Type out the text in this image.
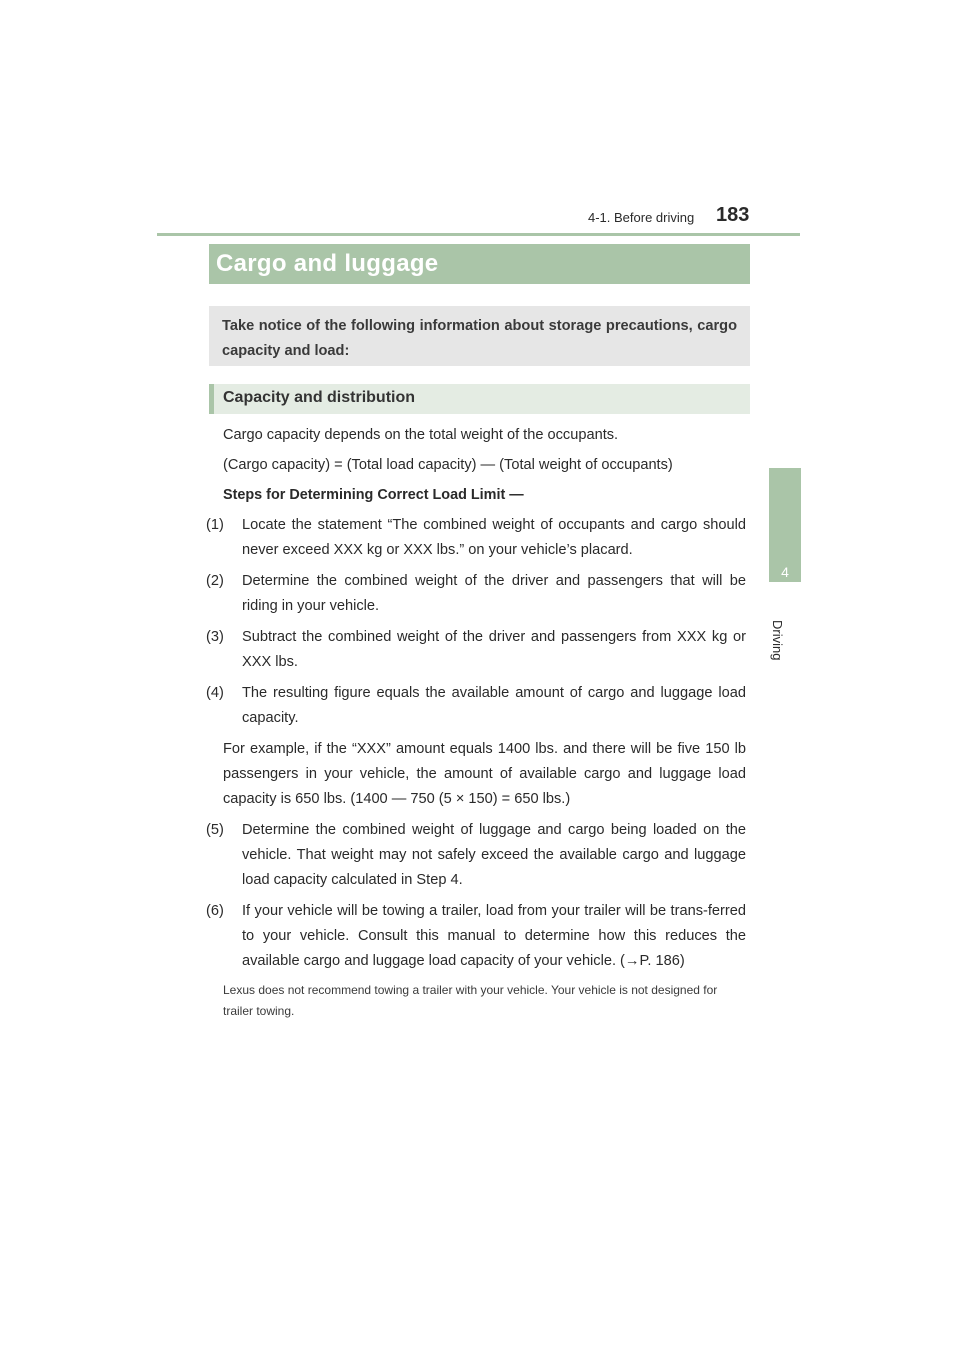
183
4-1. Before driving
4
Driving
Cargo and luggage

Take notice of the following information about storage precautions, cargo capacity and load:

Capacity and distribution

Cargo capacity depends on the total weight of the occupants.

(Cargo capacity) = (Total load capacity) — (Total weight of occupants)

Steps for Determining Correct Load Limit —

(1) Locate the statement “The combined weight of occupants and cargo should never exceed XXX kg or XXX lbs.” on your vehicle’s placard.
(2) Determine the combined weight of the driver and passengers that will be riding in your vehicle.
(3) Subtract the combined weight of the driver and passengers from XXX kg or XXX lbs.
(4) The resulting figure equals the available amount of cargo and luggage load capacity.

For example, if the “XXX” amount equals 1400 lbs. and there will be five 150 lb passengers in your vehicle, the amount of available cargo and luggage load capacity is 650 lbs. (1400 — 750 (5 × 150) = 650 lbs.)

(5) Determine the combined weight of luggage and cargo being loaded on the vehicle. That weight may not safely exceed the available cargo and luggage load capacity calculated in Step 4.
(6) If your vehicle will be towing a trailer, load from your trailer will be trans-ferred to your vehicle. Consult this manual to determine how this reduces the available cargo and luggage load capacity of your vehicle. (→P. 186)

Lexus does not recommend towing a trailer with your vehicle. Your vehicle is not designed for trailer towing.
